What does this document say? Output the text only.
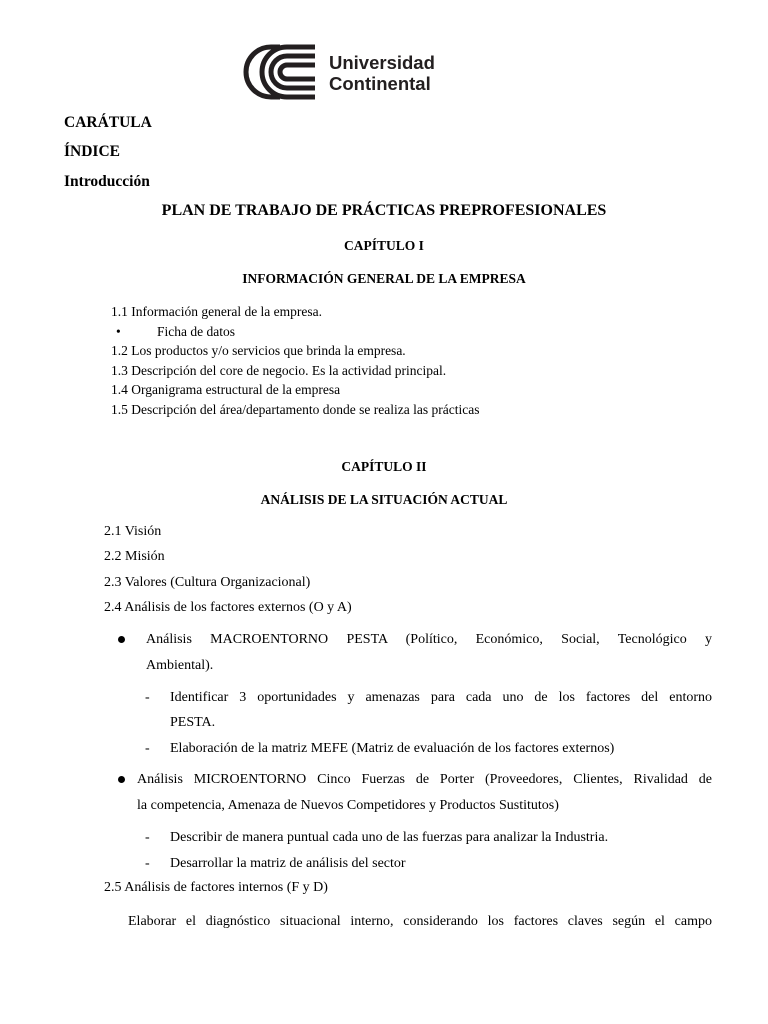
Universidad
Continental
CARÁTULA
ÍNDICE
Introducción
PLAN DE TRABAJO DE PRÁCTICAS PREPROFESIONALES
CAPÍTULO I
INFORMACIÓN GENERAL DE LA EMPRESA
1.1 Información general de la empresa.
•	Ficha de datos
1.2 Los productos y/o servicios que brinda la empresa.
1.3 Descripción del core de negocio. Es la actividad principal.
1.4 Organigrama estructural de la empresa
1.5 Descripción del área/departamento donde se realiza las prácticas
CAPÍTULO II
ANÁLISIS DE LA SITUACIÓN ACTUAL
2.1 Visión
2.2 Misión
2.3 Valores (Cultura Organizacional)
2.4 Análisis de los factores externos (O y A)
Análisis MACROENTORNO PESTA (Político, Económico, Social, Tecnológico y
Ambiental).
- Identificar 3 oportunidades y amenazas para cada uno de los factores del entorno
PESTA.
- Elaboración de la matriz MEFE (Matriz de evaluación de los factores externos)
Análisis MICROENTORNO Cinco Fuerzas de Porter (Proveedores, Clientes, Rivalidad de
la competencia, Amenaza de Nuevos Competidores y Productos Sustitutos)
- Describir de manera puntual cada uno de las fuerzas para analizar la Industria.
- Desarrollar la matriz de análisis del sector
2.5 Análisis de factores internos (F y D)
Elaborar el diagnóstico situacional interno, considerando los factores claves según el campo
